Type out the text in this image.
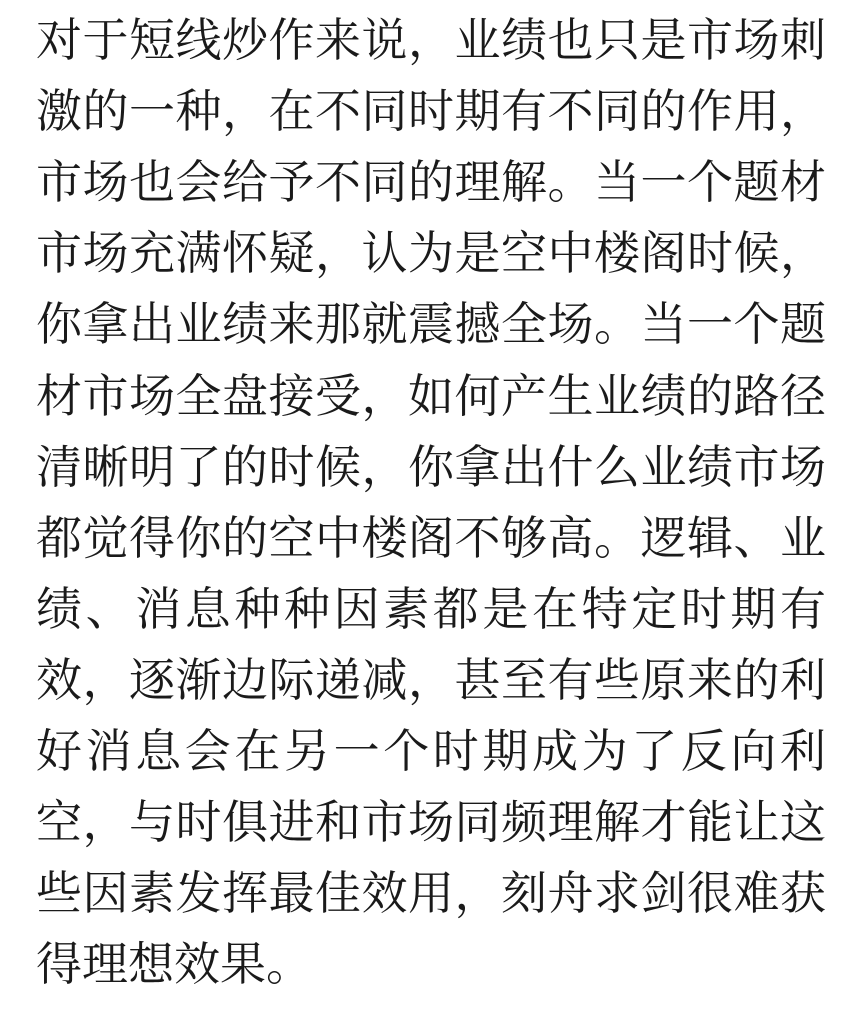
对于短线炒作来说，业绩也只是市场刺
激的一种，在不同时期有不同的作用，
市场也会给予不同的理解。当一个题材
市场充满怀疑，认为是空中楼阁时候，
你拿出业绩来那就震撼全场。当一个题
材市场全盘接受，如何产生业绩的路径
清晰明了的时候，你拿出什么业绩市场
都觉得你的空中楼阁不够高。逻辑、业
绩、消息种种因素都是在特定时期有
效，逐渐边际递减，甚至有些原来的利
好消息会在另一个时期成为了反向利
空，与时俱进和市场同频理解才能让这
些因素发挥最佳效用，刻舟求剑很难获
得理想效果。
